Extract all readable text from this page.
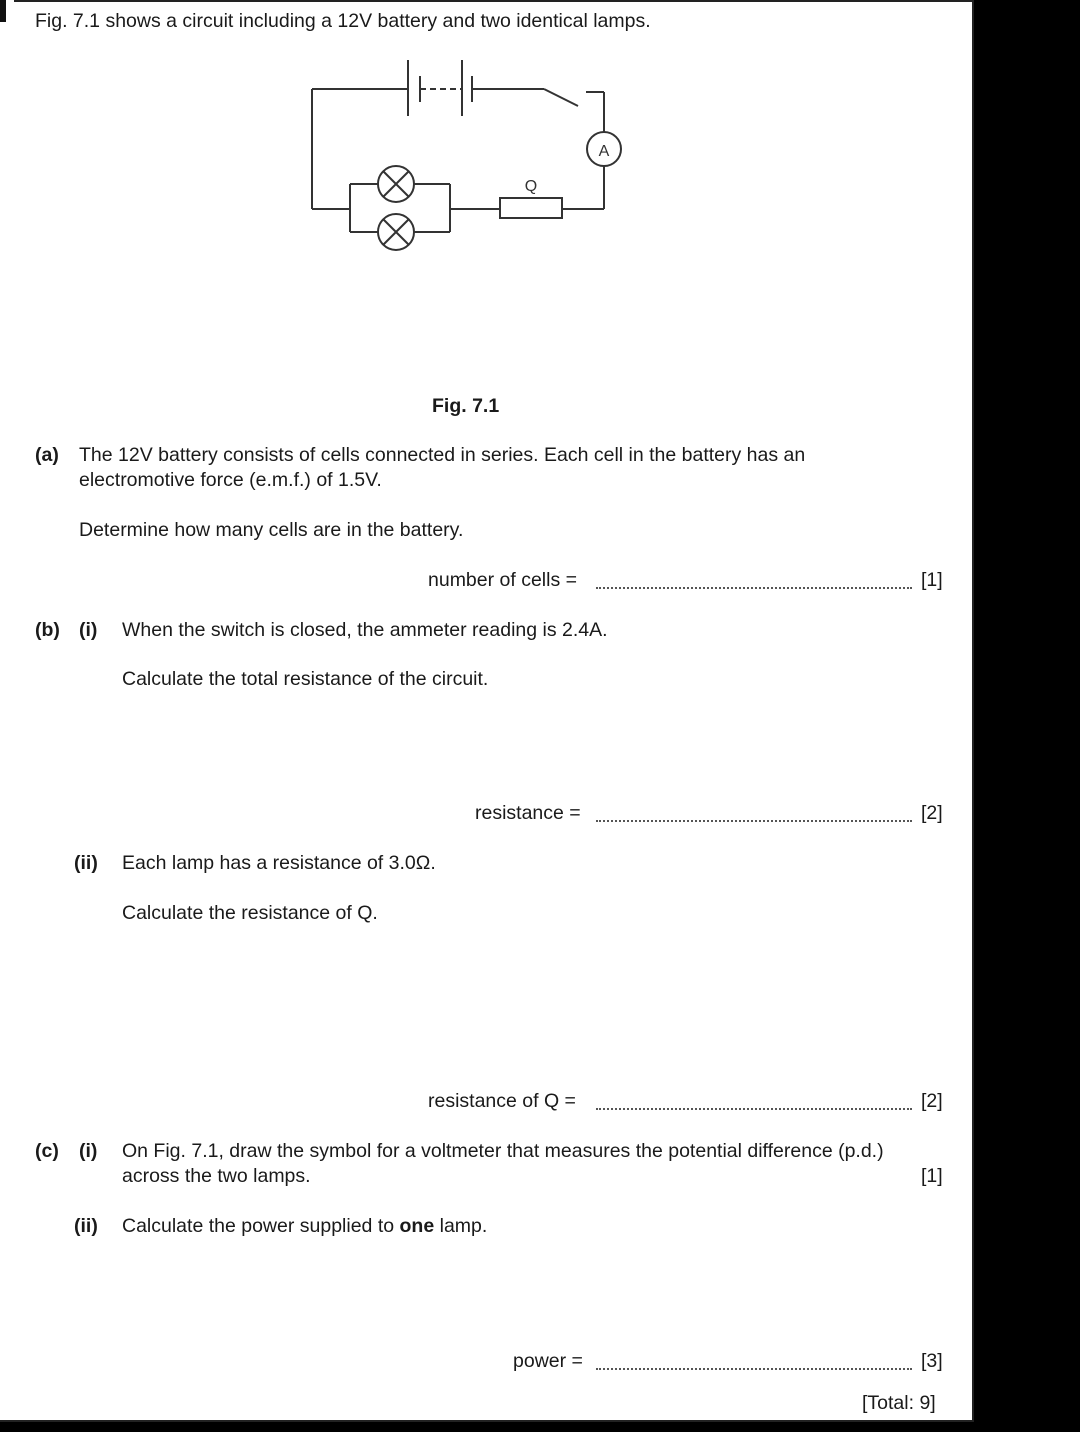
Fig. 7.1 shows a circuit including a 12V battery and two identical lamps.
A
Q
Fig. 7.1
(a) The 12V battery consists of cells connected in series. Each cell in the battery has an
electromotive force (e.m.f.) of 1.5V.
Determine how many cells are in the battery.
number of cells =	[1]
(b) (i) When the switch is closed, the ammeter reading is 2.4A.
Calculate the total resistance of the circuit.
resistance =	[2]
(ii) Each lamp has a resistance of 3.0Ω.
Calculate the resistance of Q.
resistance of Q =	[2]
(c) (i) On Fig. 7.1, draw the symbol for a voltmeter that measures the potential difference (p.d.)
across the two lamps.	[1]
(ii) Calculate the power supplied to one lamp.
power =	[3]
[Total: 9]
